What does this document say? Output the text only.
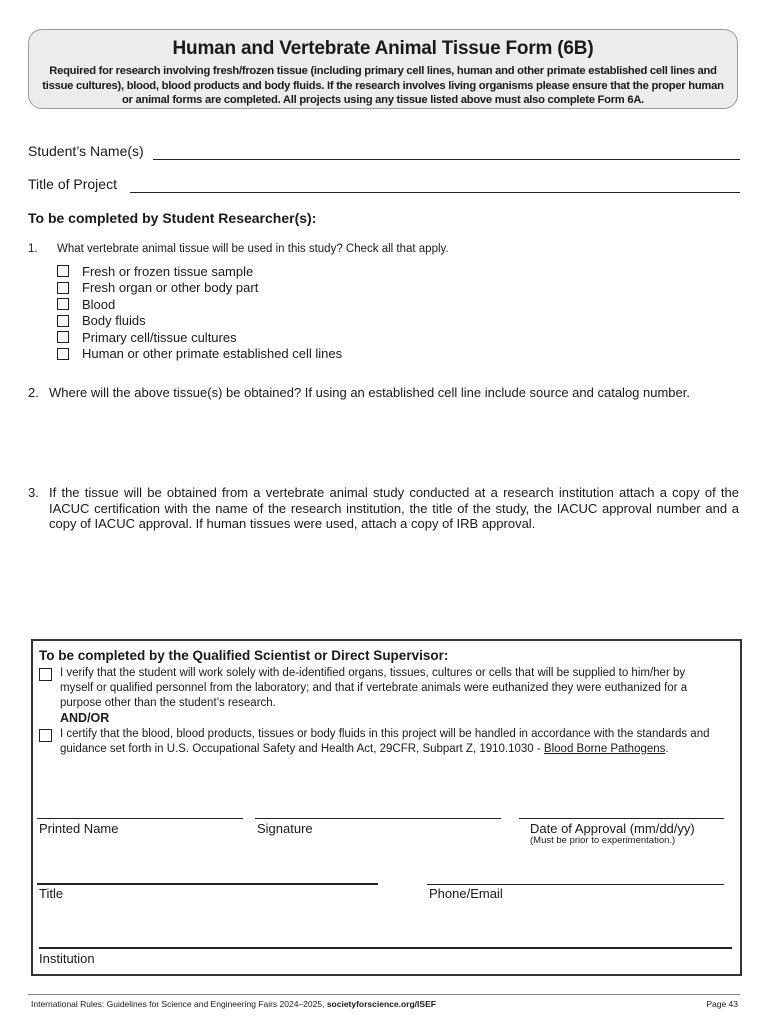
Human and Vertebrate Animal Tissue Form (6B)
Required for research involving fresh/frozen tissue (including primary cell lines, human and other primate established cell lines and tissue cultures), blood, blood products and body fluids. If the research involves living organisms please ensure that the proper human or animal forms are completed. All projects using any tissue listed above must also complete Form 6A.
Student’s Name(s)
Title of Project
To be completed by Student Researcher(s):
1. What vertebrate animal tissue will be used in this study? Check all that apply.
Fresh or frozen tissue sample
Fresh organ or other body part
Blood
Body fluids
Primary cell/tissue cultures
Human or other primate established cell lines
2. Where will the above tissue(s) be obtained? If using an established cell line include source and catalog number.
3. If the tissue will be obtained from a vertebrate animal study conducted at a research institution attach a copy of the IACUC certification with the name of the research institution, the title of the study, the IACUC approval number and a copy of IACUC approval. If human tissues were used, attach a copy of IRB approval.
To be completed by the Qualified Scientist or Direct Supervisor:
I verify that the student will work solely with de-identified organs, tissues, cultures or cells that will be supplied to him/her by myself or qualified personnel from the laboratory; and that if vertebrate animals were euthanized they were euthanized for a purpose other than the student’s research.
AND/OR
I certify that the blood, blood products, tissues or body fluids in this project will be handled in accordance with the standards and guidance set forth in U.S. Occupational Safety and Health Act, 29CFR, Subpart Z, 1910.1030 - Blood Borne Pathogens.
Printed Name	Signature	Date of Approval (mm/dd/yy)
(Must be prior to experimentation.)
Title	Phone/Email
Institution
International Rules: Guidelines for Science and Engineering Fairs 2024–2025, societyforscience.org/ISEF	Page 43
